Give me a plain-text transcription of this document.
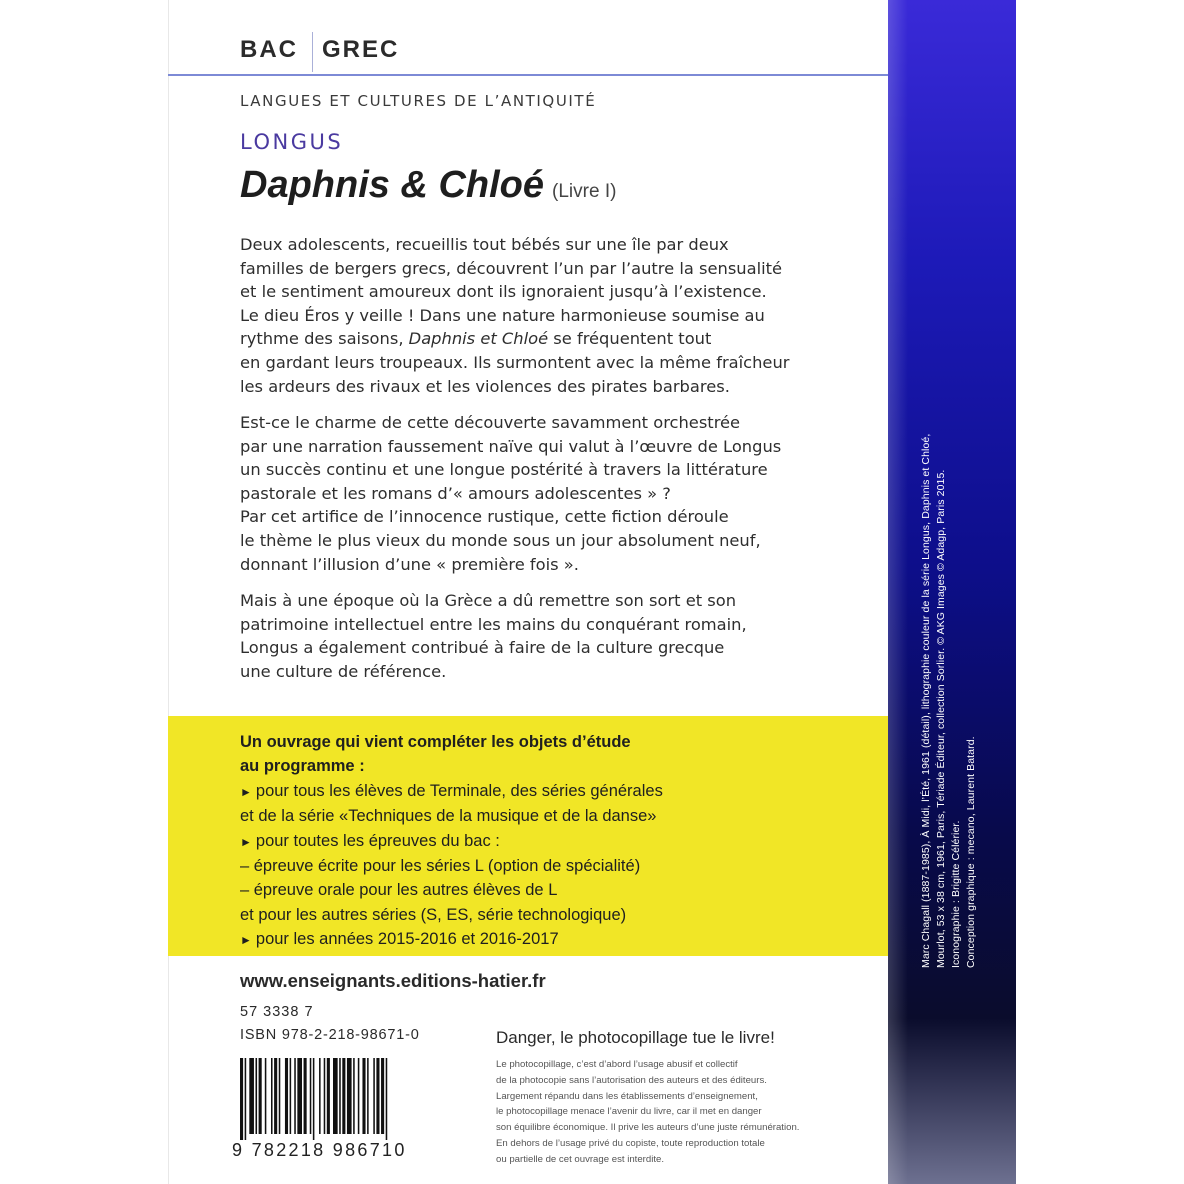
BAC GREC
LANGUES ET CULTURES DE L’ANTIQUITÉ
LONGUS
Daphnis & Chloé (Livre I)
Deux adolescents, recueillis tout bébés sur une île par deux
familles de bergers grecs, découvrent l’un par l’autre la sensualité
et le sentiment amoureux dont ils ignoraient jusqu’à l’existence.
Le dieu Éros y veille ! Dans une nature harmonieuse soumise au
rythme des saisons, Daphnis et Chloé se fréquentent tout
en gardant leurs troupeaux. Ils surmontent avec la même fraîcheur
les ardeurs des rivaux et les violences des pirates barbares.
Est-ce le charme de cette découverte savamment orchestrée
par une narration faussement naïve qui valut à l’œuvre de Longus
un succès continu et une longue postérité à travers la littérature
pastorale et les romans d’« amours adolescentes » ?
Par cet artifice de l’innocence rustique, cette fiction déroule
le thème le plus vieux du monde sous un jour absolument neuf,
donnant l’illusion d’une « première fois ».
Mais à une époque où la Grèce a dû remettre son sort et son
patrimoine intellectuel entre les mains du conquérant romain,
Longus a également contribué à faire de la culture grecque
une culture de référence.
Un ouvrage qui vient compléter les objets d’étude
au programme :
► pour tous les élèves de Terminale, des séries générales
et de la série «Techniques de la musique et de la danse»
► pour toutes les épreuves du bac :
– épreuve écrite pour les séries L (option de spécialité)
– épreuve orale pour les autres élèves de L
et pour les autres séries (S, ES, série technologique)
► pour les années 2015-2016 et 2016-2017
www.enseignants.editions-hatier.fr
57 3338 7
ISBN 978-2-218-98671-0	Danger, le photocopillage tue le livre!
Le photocopillage, c’est d’abord l’usage abusif et collectif
de la photocopie sans l’autorisation des auteurs et des éditeurs.
Largement répandu dans les établissements d’enseignement,
le photocopillage menace l’avenir du livre, car il met en danger
son équilibre économique. Il prive les auteurs d’une juste rémunération.
En dehors de l’usage privé du copiste, toute reproduction totale
ou partielle de cet ouvrage est interdite.
9 782218 986710
Marc Chagall (1887-1985), À Midi, l’Été, 1961 (détail), lithographie couleur de la série Longus, Daphnis et Chloé, Mourlot, 53 x 38 cm, 1961, Paris, Tériade Éditeur, collection Sorlier. © AKG Images © Adagp, Paris 2015. Iconographie : Brigitte Célérier. Conception graphique : mecano, Laurent Batard.
